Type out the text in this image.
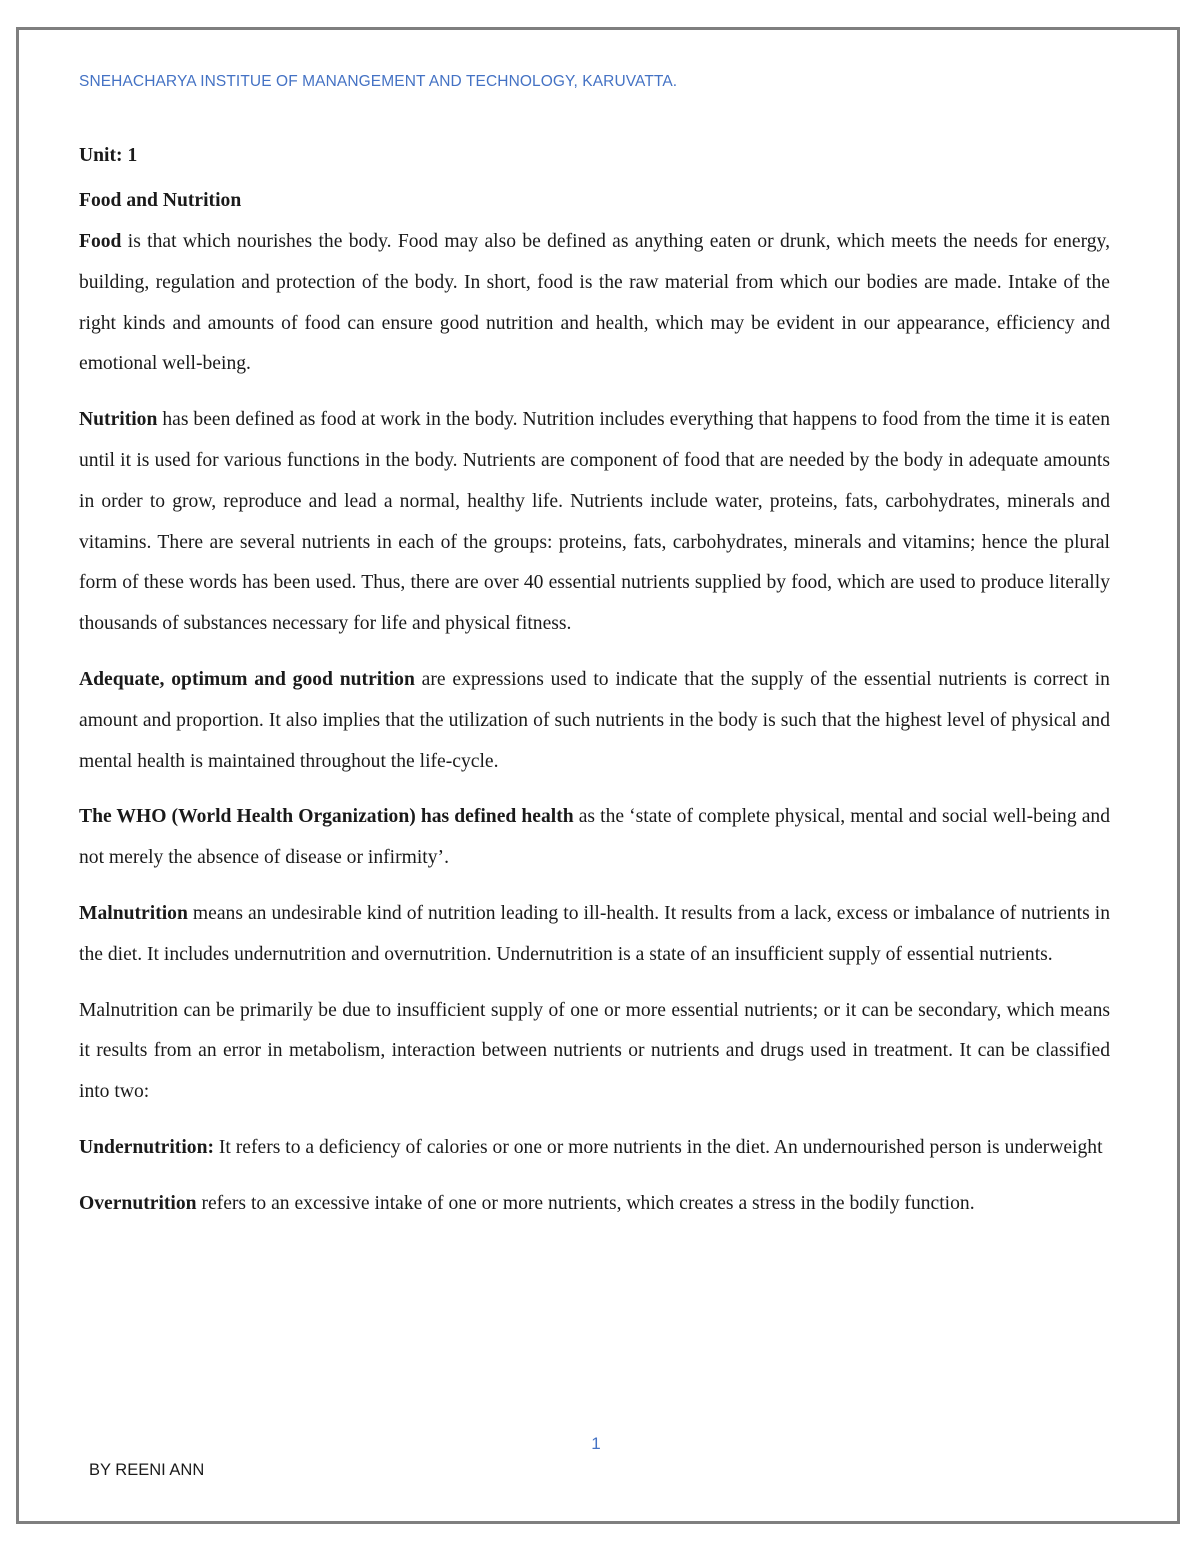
SNEHACHARYA INSTITUE OF MANANGEMENT AND TECHNOLOGY, KARUVATTA.

Unit: 1

Food and Nutrition

Food is that which nourishes the body. Food may also be defined as anything eaten or drunk, which meets the needs for energy, building, regulation and protection of the body. In short, food is the raw material from which our bodies are made. Intake of the right kinds and amounts of food can ensure good nutrition and health, which may be evident in our appearance, efficiency and emotional well-being.

Nutrition has been defined as food at work in the body. Nutrition includes everything that happens to food from the time it is eaten until it is used for various functions in the body. Nutrients are component of food that are needed by the body in adequate amounts in order to grow, reproduce and lead a normal, healthy life. Nutrients include water, proteins, fats, carbohydrates, minerals and vitamins. There are several nutrients in each of the groups: proteins, fats, carbohydrates, minerals and vitamins; hence the plural form of these words has been used. Thus, there are over 40 essential nutrients supplied by food, which are used to produce literally thousands of substances necessary for life and physical fitness.

Adequate, optimum and good nutrition are expressions used to indicate that the supply of the essential nutrients is correct in amount and proportion. It also implies that the utilization of such nutrients in the body is such that the highest level of physical and mental health is maintained throughout the life-cycle.

The WHO (World Health Organization) has defined health as the ‘state of complete physical, mental and social well-being and not merely the absence of disease or infirmity’.

Malnutrition means an undesirable kind of nutrition leading to ill-health. It results from a lack, excess or imbalance of nutrients in the diet. It includes undernutrition and overnutrition. Undernutrition is a state of an insufficient supply of essential nutrients.

Malnutrition can be primarily be due to insufficient supply of one or more essential nutrients; or it can be secondary, which means it results from an error in metabolism, interaction between nutrients or nutrients and drugs used in treatment. It can be classified into two:

Undernutrition: It refers to a deficiency of calories or one or more nutrients in the diet. An undernourished person is underweight

Overnutrition refers to an excessive intake of one or more nutrients, which creates a stress in the bodily function.

1
BY REENI ANN
